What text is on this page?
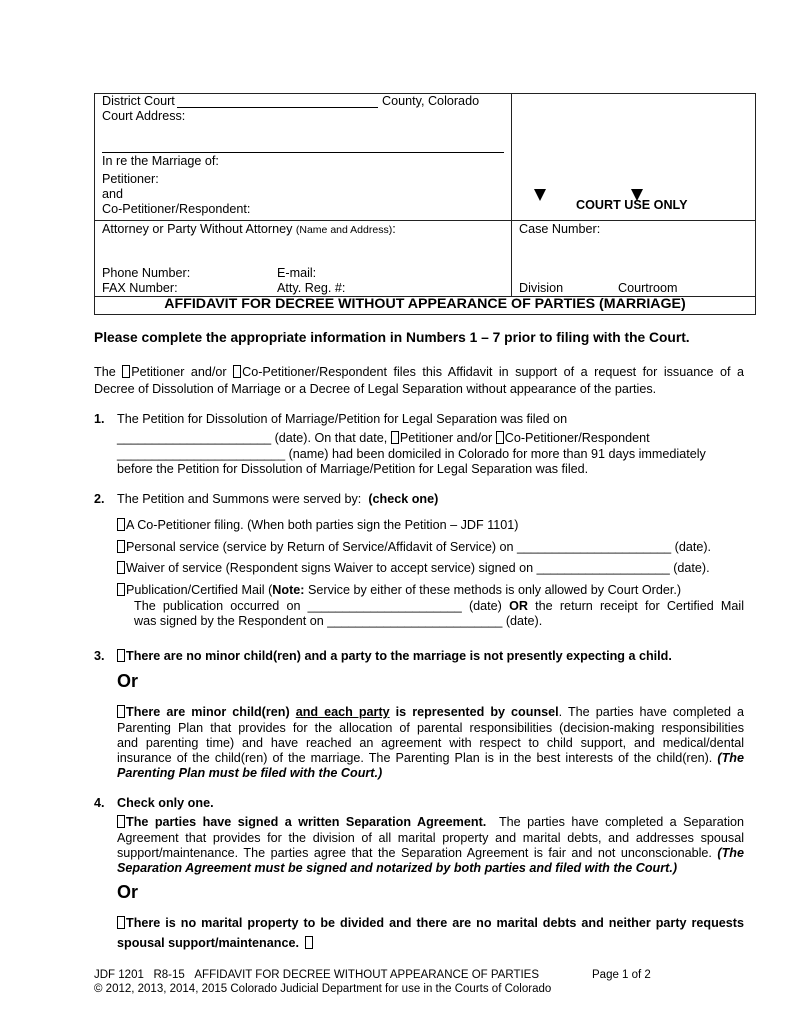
District Court	County, Colorado
Court Address:
In re the Marriage of:
Petitioner:
and
Co-Petitioner/Respondent:	COURT USE ONLY
Attorney or Party Without Attorney (Name and Address):	Case Number:
Phone Number:	E-mail:
FAX Number:	Atty. Reg. #:	Division	Courtroom
AFFIDAVIT FOR DECREE WITHOUT APPEARANCE OF PARTIES (MARRIAGE)
Please complete the appropriate information in Numbers 1 – 7 prior to filing with the Court.
The Petitioner and/or Co-Petitioner/Respondent files this Affidavit in support of a request for issuance of a
Decree of Dissolution of Marriage or a Decree of Legal Separation without appearance of the parties.
1. The Petition for Dissolution of Marriage/Petition for Legal Separation was filed on
______________________ (date). On that date, Petitioner and/or Co-Petitioner/Respondent
________________________ (name) had been domiciled in Colorado for more than 91 days immediately
before the Petition for Dissolution of Marriage/Petition for Legal Separation was filed.
2. The Petition and Summons were served by: (check one)
A Co-Petitioner filing. (When both parties sign the Petition – JDF 1101)
Personal service (service by Return of Service/Affidavit of Service) on ______________________ (date).
Waiver of service (Respondent signs Waiver to accept service) signed on ___________________ (date).
Publication/Certified Mail (Note: Service by either of these methods is only allowed by Court Order.)
The publication occurred on ______________________ (date) OR the return receipt for Certified Mail
was signed by the Respondent on _________________________ (date).
3.	There are no minor child(ren) and a party to the marriage is not presently expecting a child.
Or
There are minor child(ren) and each party is represented by counsel. The parties have completed a
Parenting Plan that provides for the allocation of parental responsibilities (decision-making responsibilities
and parenting time) and have reached an agreement with respect to child support, and medical/dental
insurance of the child(ren) of the marriage. The Parenting Plan is in the best interests of the child(ren). (The
Parenting Plan must be filed with the Court.)
4. Check only one.
The parties have signed a written Separation Agreement. The parties have completed a Separation
Agreement that provides for the division of all marital property and marital debts, and addresses spousal
support/maintenance. The parties agree that the Separation Agreement is fair and not unconscionable. (The
Separation Agreement must be signed and notarized by both parties and filed with the Court.)
Or
There is no marital property to be divided and there are no marital debts and neither party requests
spousal support/maintenance.
JDF 1201 R8-15 AFFIDAVIT FOR DECREE WITHOUT APPEARANCE OF PARTIES	Page 1 of 2
© 2012, 2013, 2014, 2015 Colorado Judicial Department for use in the Courts of Colorado
